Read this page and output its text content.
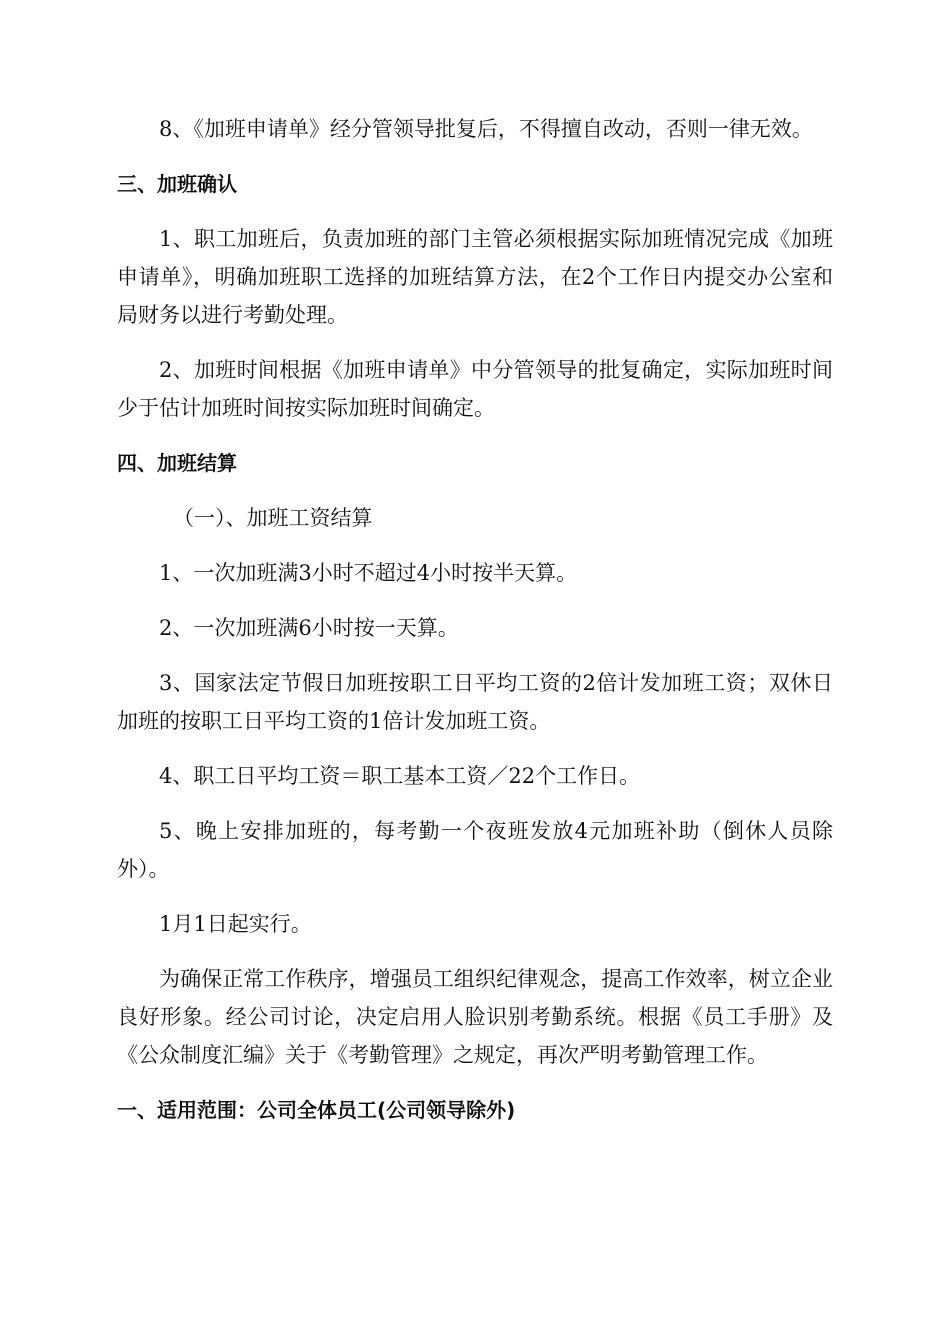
8、《加班申请单》经分管领导批复后，不得擅自改动，否则一律无效。

三、加班确认

1、职工加班后，负责加班的部门主管必须根据实际加班情况完成《加班申请单》，明确加班职工选择的加班结算方法，在2个工作日内提交办公室和局财务以进行考勤处理。

2、加班时间根据《加班申请单》中分管领导的批复确定，实际加班时间少于估计加班时间按实际加班时间确定。

四、加班结算

（一）、加班工资结算

1、一次加班满3小时不超过4小时按半天算。

2、一次加班满6小时按一天算。

3、国家法定节假日加班按职工日平均工资的2倍计发加班工资；双休日加班的按职工日平均工资的1倍计发加班工资。

4、职工日平均工资＝职工基本工资／22个工作日。

5、晚上安排加班的，每考勤一个夜班发放4元加班补助（倒休人员除外）。

1月1日起实行。

为确保正常工作秩序，增强员工组织纪律观念，提高工作效率，树立企业良好形象。经公司讨论，决定启用人脸识别考勤系统。根据《员工手册》及《公众制度汇编》关于《考勤管理》之规定，再次严明考勤管理工作。

一、适用范围：公司全体员工(公司领导除外)
